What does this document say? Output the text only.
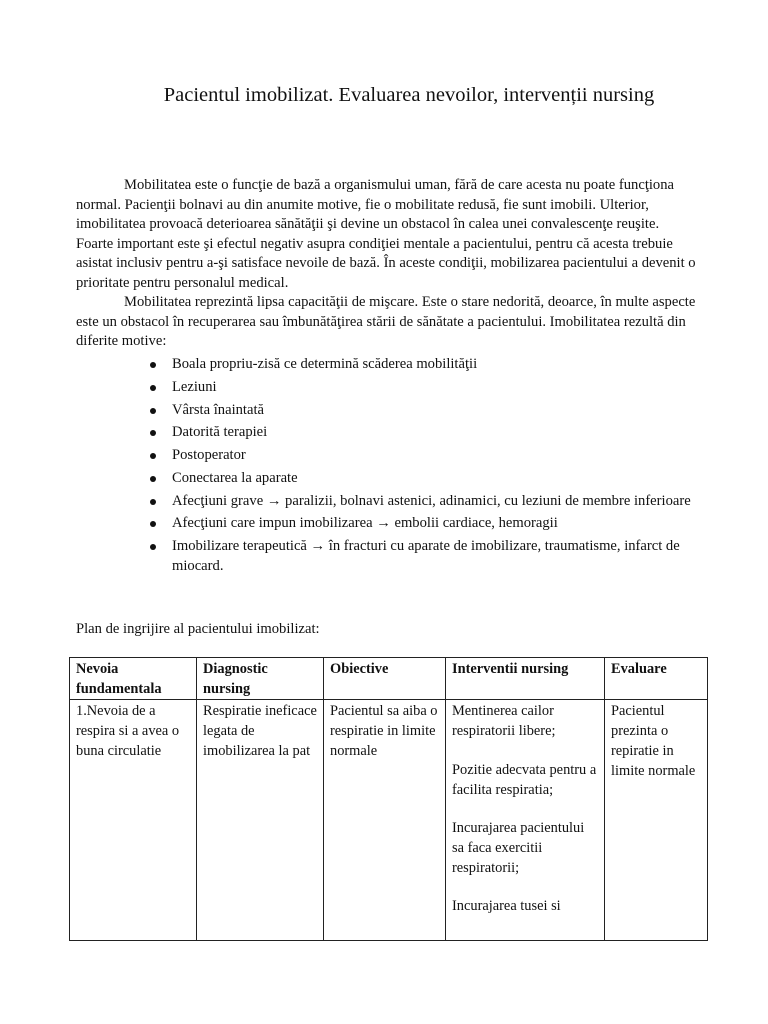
Pacientul imobilizat. Evaluarea nevoilor, intervenții nursing

Mobilitatea este o funcţie de bază a organismului uman, fără de care acesta nu poate funcţiona normal. Pacienţii bolnavi au din anumite motive, fie o mobilitate redusă, fie sunt imobili. Ulterior, imobilitatea provoacă deterioarea sănătăţii şi devine un obstacol în calea unei convalescenţe reuşite. Foarte important este şi efectul negativ asupra condiţiei mentale a pacientului, pentru că acesta trebuie asistat inclusiv pentru a-şi satisface nevoile de bază. În aceste condiţii, mobilizarea pacientului a devenit o prioritate pentru personalul medical.

Mobilitatea reprezintă lipsa capacităţii de mişcare. Este o stare nedorită, deoarce, în multe aspecte este un obstacol în recuperarea sau îmbunătăţirea stării de sănătate a pacientului. Imobilitatea rezultă din diferite motive:

Boala propriu-zisă ce determină scăderea mobilităţii
Leziuni
Vârsta înaintată
Datorită terapiei
Postoperator
Conectarea la aparate
Afecţiuni grave → paralizii, bolnavi astenici, adinamici, cu leziuni de membre inferioare
Afecţiuni care impun imobilizarea → embolii cardiace, hemoragii
Imobilizare terapeutică → în fracturi cu aparate de imobilizare, traumatisme, infarct de miocard.

Plan de ingrijire al pacientului imobilizat:

Nevoia fundamentala	Diagnostic nursing	Obiective	Interventii nursing	Evaluare
1.Nevoia de a respira si a avea o buna circulatie	Respiratie ineficace legata de imobilizarea la pat	Pacientul sa aiba o respiratie in limite normale	Mentinerea cailor respiratorii libere;
Pozitie adecvata pentru a facilita respiratia;
Incurajarea pacientului sa faca exercitii respiratorii;
Incurajarea tusei si	Pacientul prezinta o repiratie in limite normale
